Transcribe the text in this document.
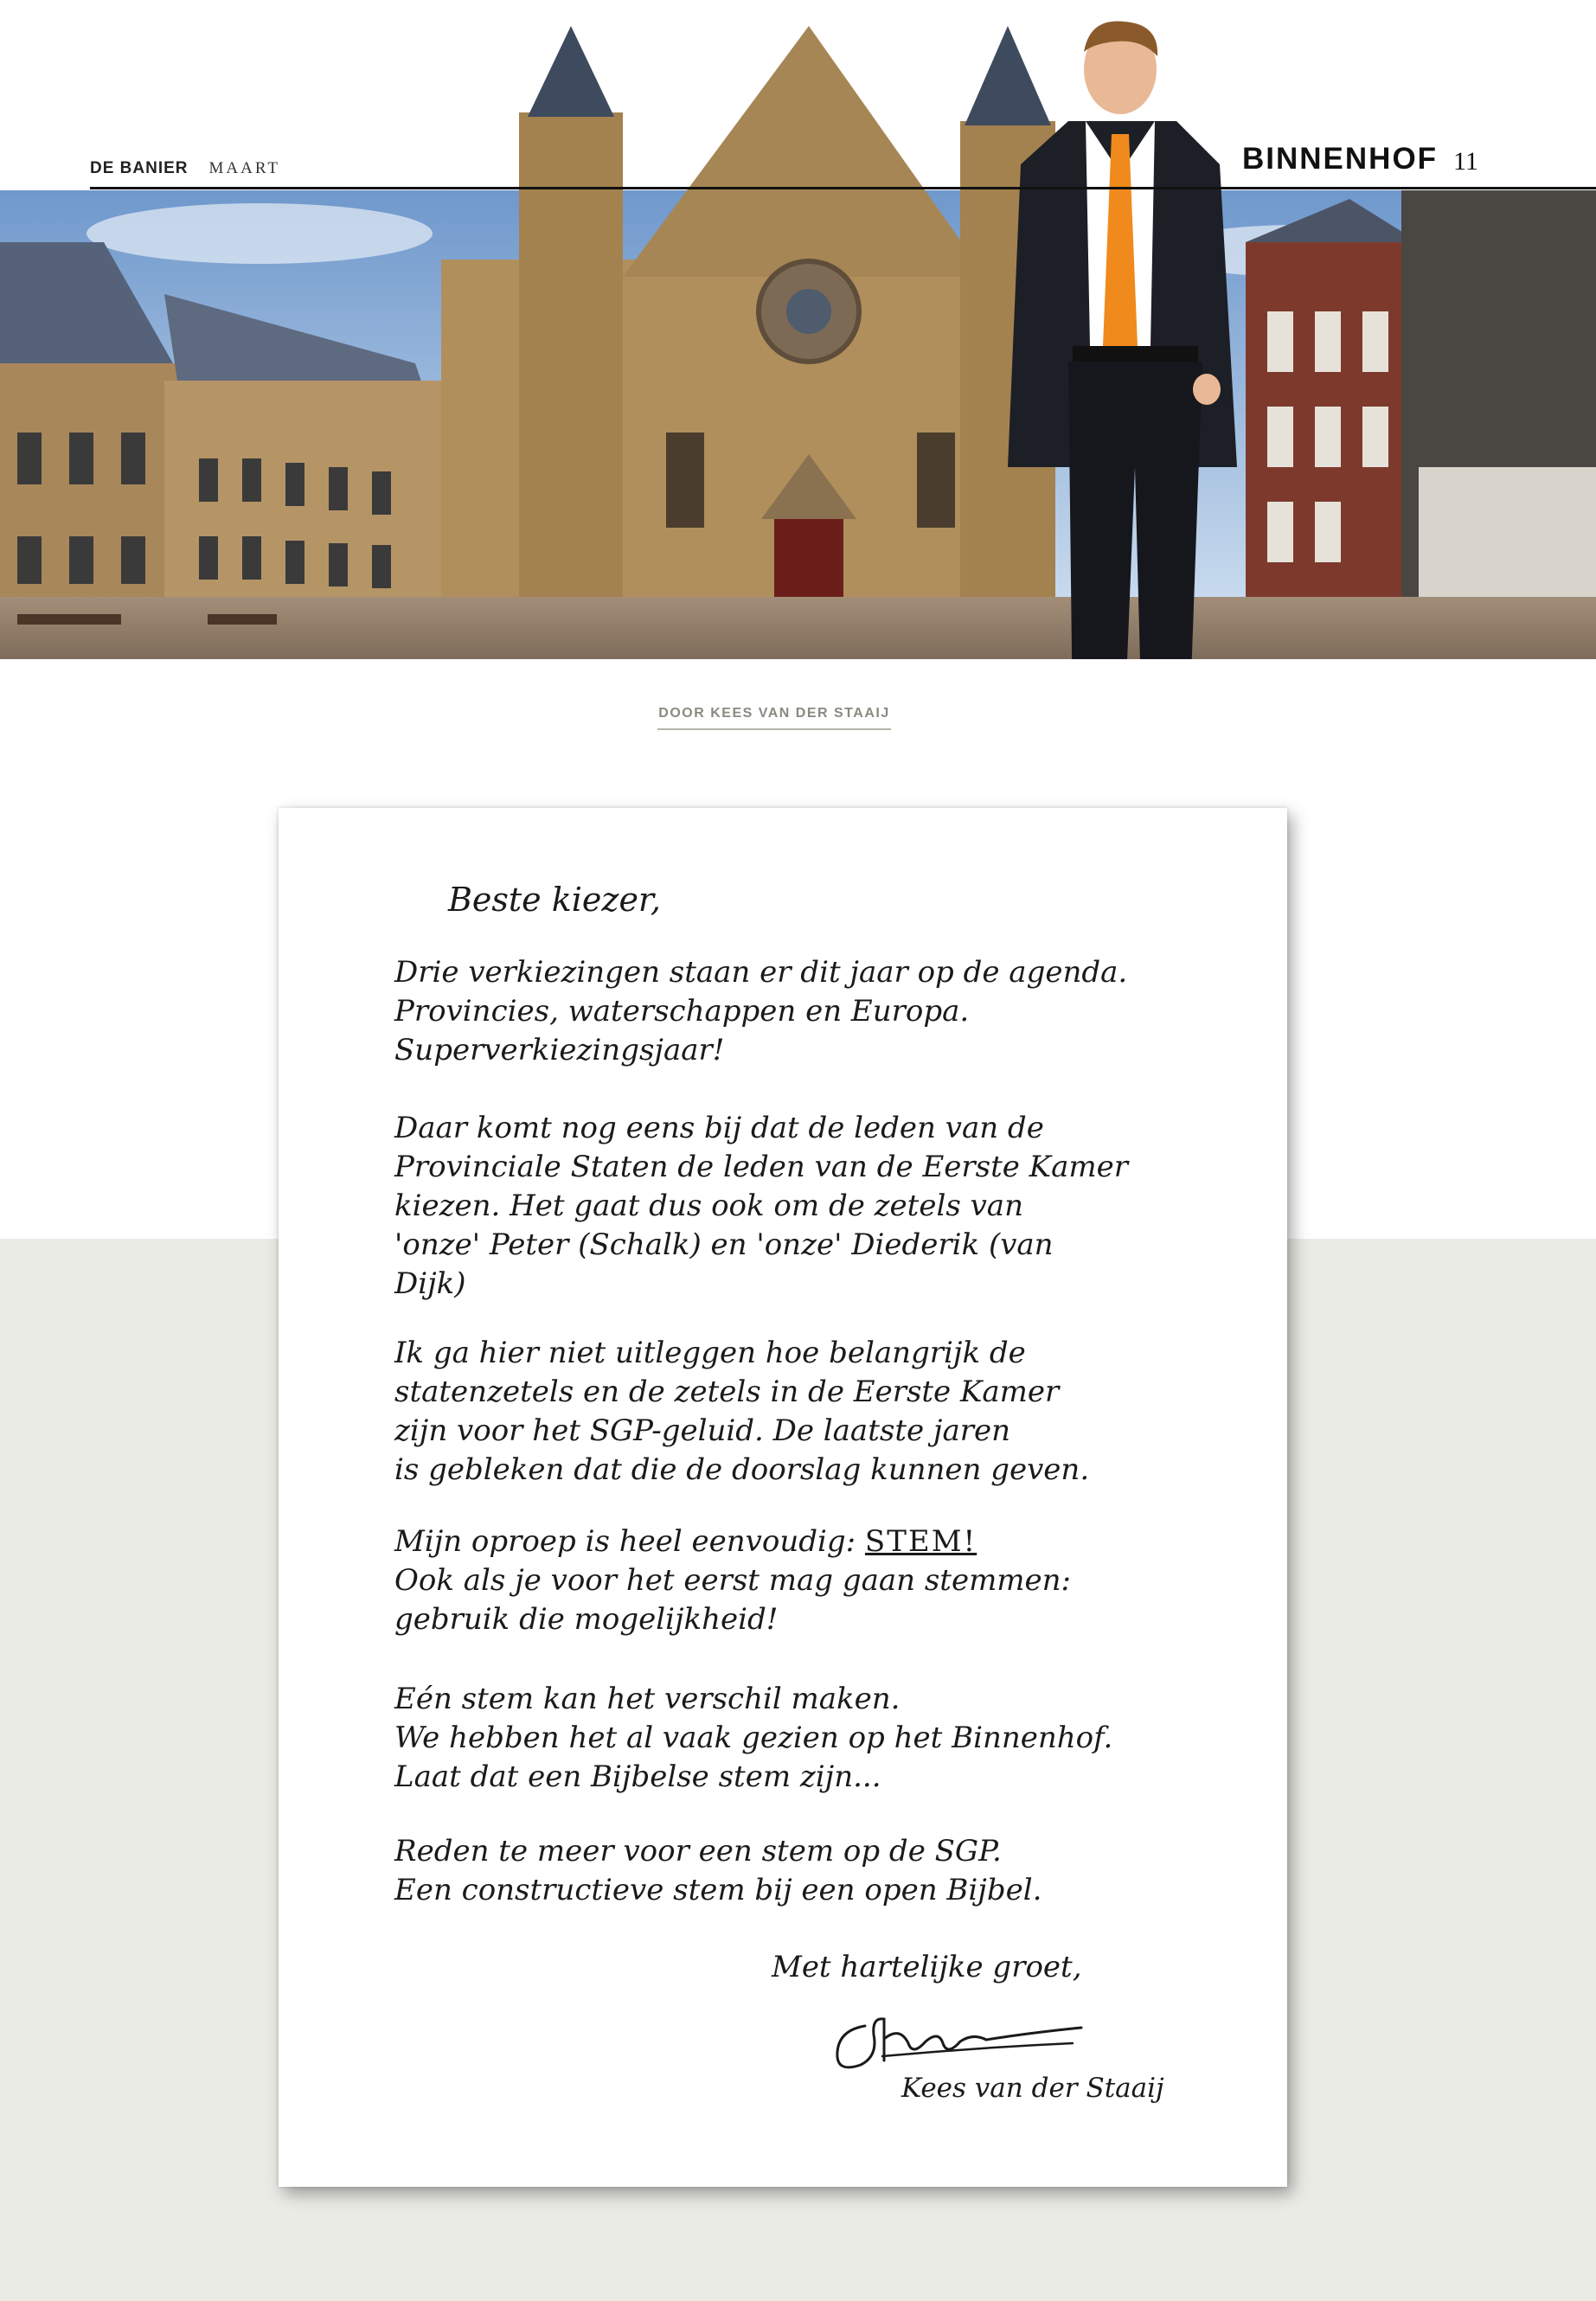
DE BANIER MAART	BINNENHOF 11
DOOR KEES VAN DER STAAIJ
Beste kiezer,
Drie verkiezingen staan er dit jaar op de agenda.
Provincies, waterschappen en Europa.
Superverkiezingsjaar!
Daar komt nog eens bij dat de leden van de
Provinciale Staten de leden van de Eerste Kamer
kiezen. Het gaat dus ook om de zetels van
'onze' Peter (Schalk) en 'onze' Diederik (van
Dijk)
Ik ga hier niet uitleggen hoe belangrijk de
statenzetels en de zetels in de Eerste Kamer
zijn voor het SGP-geluid. De laatste jaren
is gebleken dat die de doorslag kunnen geven.
Mijn oproep is heel eenvoudig: STEM!
Ook als je voor het eerst mag gaan stemmen:
gebruik die mogelijkheid!
Eén stem kan het verschil maken.
We hebben het al vaak gezien op het Binnenhof.
Laat dat een Bijbelse stem zijn...
Reden te meer voor een stem op de SGP.
Een constructieve stem bij een open Bijbel.
Met hartelijke groet,
Kees van der Staaij
